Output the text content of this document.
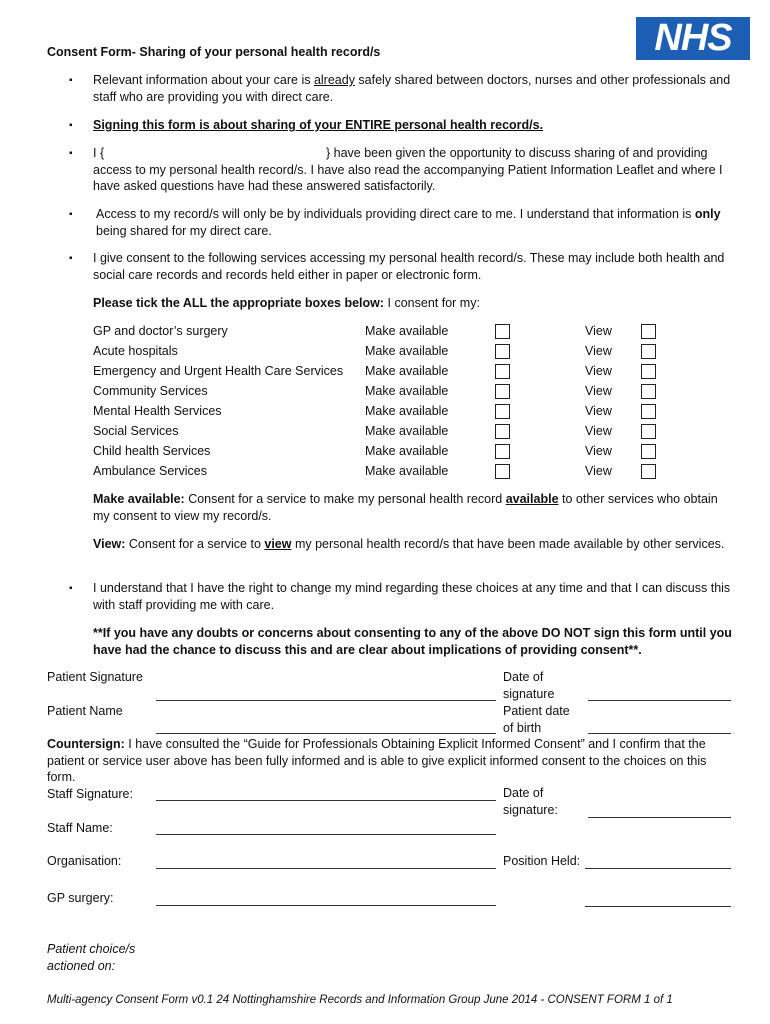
NHS
Consent Form- Sharing of your personal health record/s
▪ Relevant information about your care is already safely shared between doctors, nurses and other professionals and staff who are providing you with direct care.
▪ Signing this form is about sharing of your ENTIRE personal health record/s.
▪ I {	} have been given the opportunity to discuss sharing of and providing access to my personal health record/s. I have also read the accompanying Patient Information Leaflet and where I have asked questions have had these answered satisfactorily.
▪ Access to my record/s will only be by individuals providing direct care to me. I understand that information is only being shared for my direct care.
▪ I give consent to the following services accessing my personal health record/s. These may include both health and social care records and records held either in paper or electronic form.
Please tick the ALL the appropriate boxes below: I consent for my:
GP and doctor’s surgery	Make available	View
Acute hospitals	Make available	View
Emergency and Urgent Health Care Services Make available	View
Community Services	Make available	View
Mental Health Services	Make available	View
Social Services	Make available	View
Child health Services	Make available	View
Ambulance Services	Make available	View
Make available: Consent for a service to make my personal health record available to other services who obtain my consent to view my record/s.
View: Consent for a service to view my personal health record/s that have been made available by other services.
▪ I understand that I have the right to change my mind regarding these choices at any time and that I can discuss this with staff providing me with care.
**If you have any doubts or concerns about consenting to any of the above DO NOT sign this form until you have had the chance to discuss this and are clear about implications of providing consent**.
Patient Signature	Date of
signature
Patient Name	Patient date
of birth
Countersign: I have consulted the “Guide for Professionals Obtaining Explicit Informed Consent” and I confirm that the patient or service user above has been fully informed and is able to give explicit informed consent to the choices on this form.
Staff Signature:	Date of
signature:
Staff Name:
Organisation:	Position Held:
GP surgery:
Patient choice/s
actioned on:
Multi-agency Consent Form v0.1 24 Nottinghamshire Records and Information Group June 2014 - CONSENT FORM 1 of 1
